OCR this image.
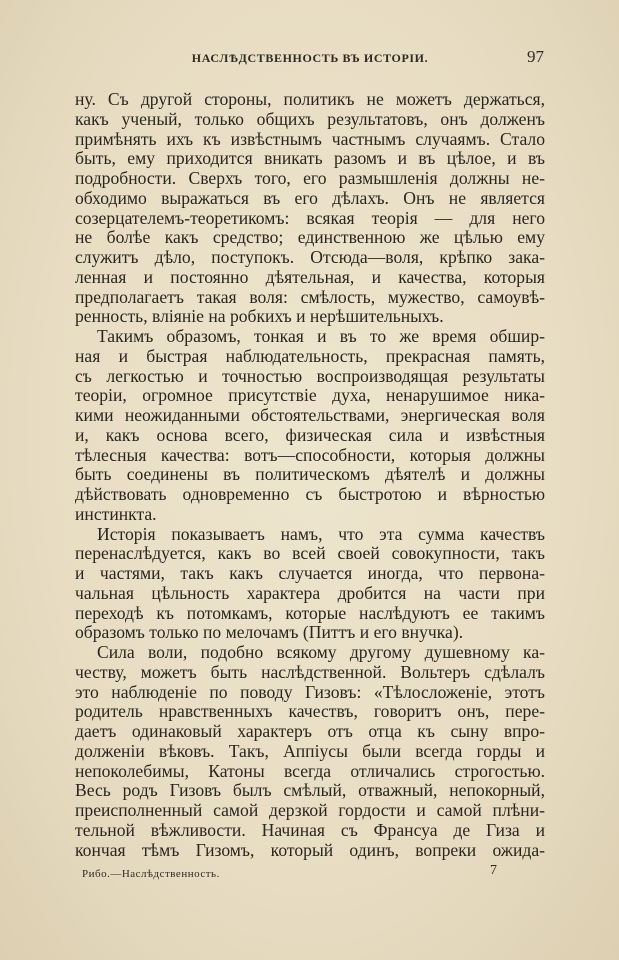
НАСЛѢДСТВЕННОСТЬ ВЪ ИСТОРІИ.	97
ну. Съ другой стороны, политикъ не можетъ держаться,
какъ ученый, только общихъ результатовъ, онъ долженъ
примѣнять ихъ къ извѣстнымъ частнымъ случаямъ. Стало
быть, ему приходится вникать разомъ и въ цѣлое, и въ
подробности. Сверхъ того, его размышленія должны не-
обходимо выражаться въ его дѣлахъ. Онъ не является
созерцателемъ-теоретикомъ: всякая теорія — для него
не болѣе какъ средство; единственною же цѣлью ему
служитъ дѣло, поступокъ. Отсюда—воля, крѣпко зака-
ленная и постоянно дѣятельная, и качества, которыя
предполагаетъ такая воля: смѣлость, мужество, самоувѣ-
ренность, вліяніе на робкихъ и нерѣшительныхъ.
Такимъ образомъ, тонкая и въ то же время обшир-
ная и быстрая наблюдательность, прекрасная память,
съ легкостью и точностью воспроизводящая результаты
теоріи, огромное присутствіе духа, ненарушимое ника-
кими неожиданными обстоятельствами, энергическая воля
и, какъ основа всего, физическая сила и извѣстныя
тѣлесныя качества: вотъ—способности, которыя должны
быть соединены въ политическомъ дѣятелѣ и должны
дѣйствовать одновременно съ быстротою и вѣрностью
инстинкта.
Исторія показываетъ намъ, что эта сумма качествъ
перенаслѣдуется, какъ во всей своей совокупности, такъ
и частями, такъ какъ случается иногда, что первона-
чальная цѣльность характера дробится на части при
переходѣ къ потомкамъ, которые наслѣдуютъ ее такимъ
образомъ только по мелочамъ (Питтъ и его внучка).
Сила воли, подобно всякому другому душевному ка-
честву, можетъ быть наслѣдственной. Вольтеръ сдѣлалъ
это наблюденіе по поводу Гизовъ: «Тѣлосложеніе, этотъ
родитель нравственныхъ качествъ, говоритъ онъ, пере-
даетъ одинаковый характеръ отъ отца къ сыну впро-
долженіи вѣковъ. Такъ, Аппіусы были всегда горды и
непоколебимы, Катоны всегда отличались строгостью.
Весь родъ Гизовъ былъ смѣлый, отважный, непокорный,
преисполненный самой дерзкой гордости и самой плѣни-
тельной вѣжливости. Начиная съ Франсуа де Гиза и
кончая тѣмъ Гизомъ, который одинъ, вопреки ожида-
Рибо.—Наслѣдственность.	7
